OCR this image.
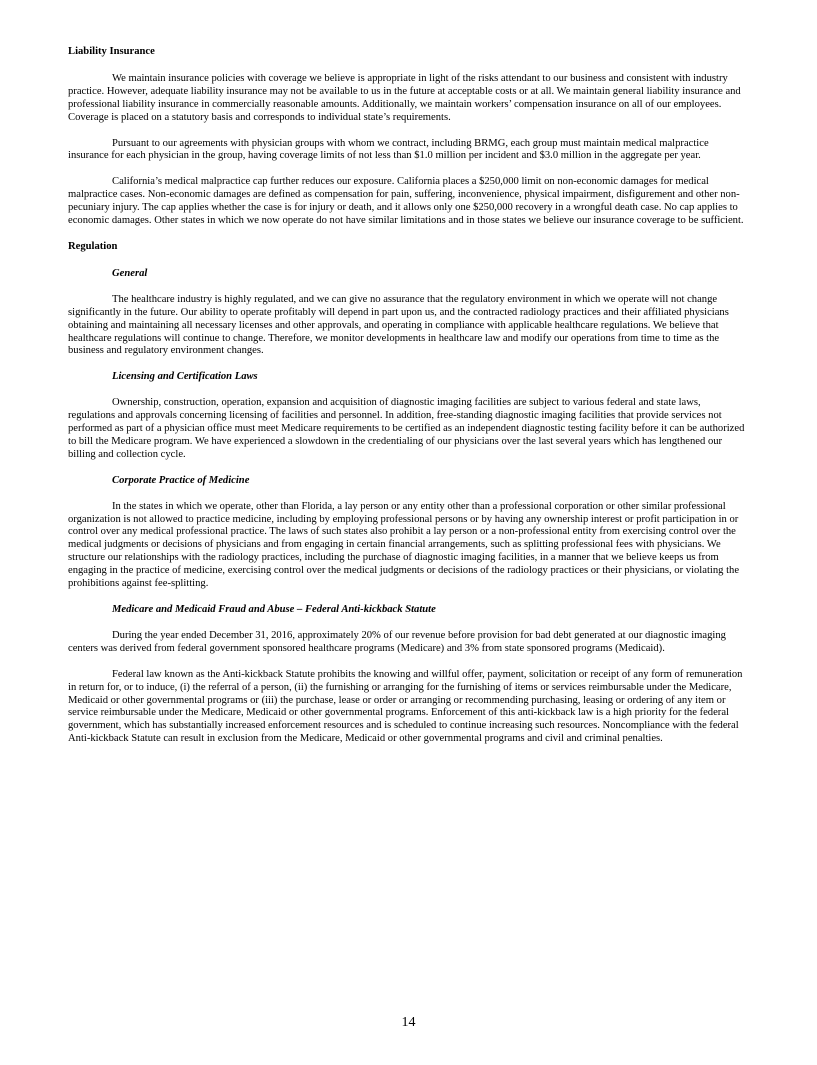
Liability Insurance

We maintain insurance policies with coverage we believe is appropriate in light of the risks attendant to our business and consistent with industry practice. However, adequate liability insurance may not be available to us in the future at acceptable costs or at all. We maintain general liability insurance and professional liability insurance in commercially reasonable amounts. Additionally, we maintain workers’ compensation insurance on all of our employees. Coverage is placed on a statutory basis and corresponds to individual state’s requirements.

Pursuant to our agreements with physician groups with whom we contract, including BRMG, each group must maintain medical malpractice insurance for each physician in the group, having coverage limits of not less than $1.0 million per incident and $3.0 million in the aggregate per year.

California’s medical malpractice cap further reduces our exposure. California places a $250,000 limit on non-economic damages for medical malpractice cases. Non-economic damages are defined as compensation for pain, suffering, inconvenience, physical impairment, disfigurement and other non-pecuniary injury. The cap applies whether the case is for injury or death, and it allows only one $250,000 recovery in a wrongful death case. No cap applies to economic damages. Other states in which we now operate do not have similar limitations and in those states we believe our insurance coverage to be sufficient.

Regulation
General

The healthcare industry is highly regulated, and we can give no assurance that the regulatory environment in which we operate will not change significantly in the future. Our ability to operate profitably will depend in part upon us, and the contracted radiology practices and their affiliated physicians obtaining and maintaining all necessary licenses and other approvals, and operating in compliance with applicable healthcare regulations. We believe that healthcare regulations will continue to change. Therefore, we monitor developments in healthcare law and modify our operations from time to time as the business and regulatory environment changes.

Licensing and Certification Laws

Ownership, construction, operation, expansion and acquisition of diagnostic imaging facilities are subject to various federal and state laws, regulations and approvals concerning licensing of facilities and personnel. In addition, free-standing diagnostic imaging facilities that provide services not performed as part of a physician office must meet Medicare requirements to be certified as an independent diagnostic testing facility before it can be authorized to bill the Medicare program. We have experienced a slowdown in the credentialing of our physicians over the last several years which has lengthened our billing and collection cycle.

Corporate Practice of Medicine

In the states in which we operate, other than Florida, a lay person or any entity other than a professional corporation or other similar professional organization is not allowed to practice medicine, including by employing professional persons or by having any ownership interest or profit participation in or control over any medical professional practice. The laws of such states also prohibit a lay person or a non-professional entity from exercising control over the medical judgments or decisions of physicians and from engaging in certain financial arrangements, such as splitting professional fees with physicians. We structure our relationships with the radiology practices, including the purchase of diagnostic imaging facilities, in a manner that we believe keeps us from engaging in the practice of medicine, exercising control over the medical judgments or decisions of the radiology practices or their physicians, or violating the prohibitions against fee-splitting.

Medicare and Medicaid Fraud and Abuse – Federal Anti-kickback Statute

During the year ended December 31, 2016, approximately 20% of our revenue before provision for bad debt generated at our diagnostic imaging centers was derived from federal government sponsored healthcare programs (Medicare) and 3% from state sponsored programs (Medicaid).

Federal law known as the Anti-kickback Statute prohibits the knowing and willful offer, payment, solicitation or receipt of any form of remuneration in return for, or to induce, (i) the referral of a person, (ii) the furnishing or arranging for the furnishing of items or services reimbursable under the Medicare, Medicaid or other governmental programs or (iii) the purchase, lease or order or arranging or recommending purchasing, leasing or ordering of any item or service reimbursable under the Medicare, Medicaid or other governmental programs. Enforcement of this anti-kickback law is a high priority for the federal government, which has substantially increased enforcement resources and is scheduled to continue increasing such resources. Noncompliance with the federal Anti-kickback Statute can result in exclusion from the Medicare, Medicaid or other governmental programs and civil and criminal penalties.

14
